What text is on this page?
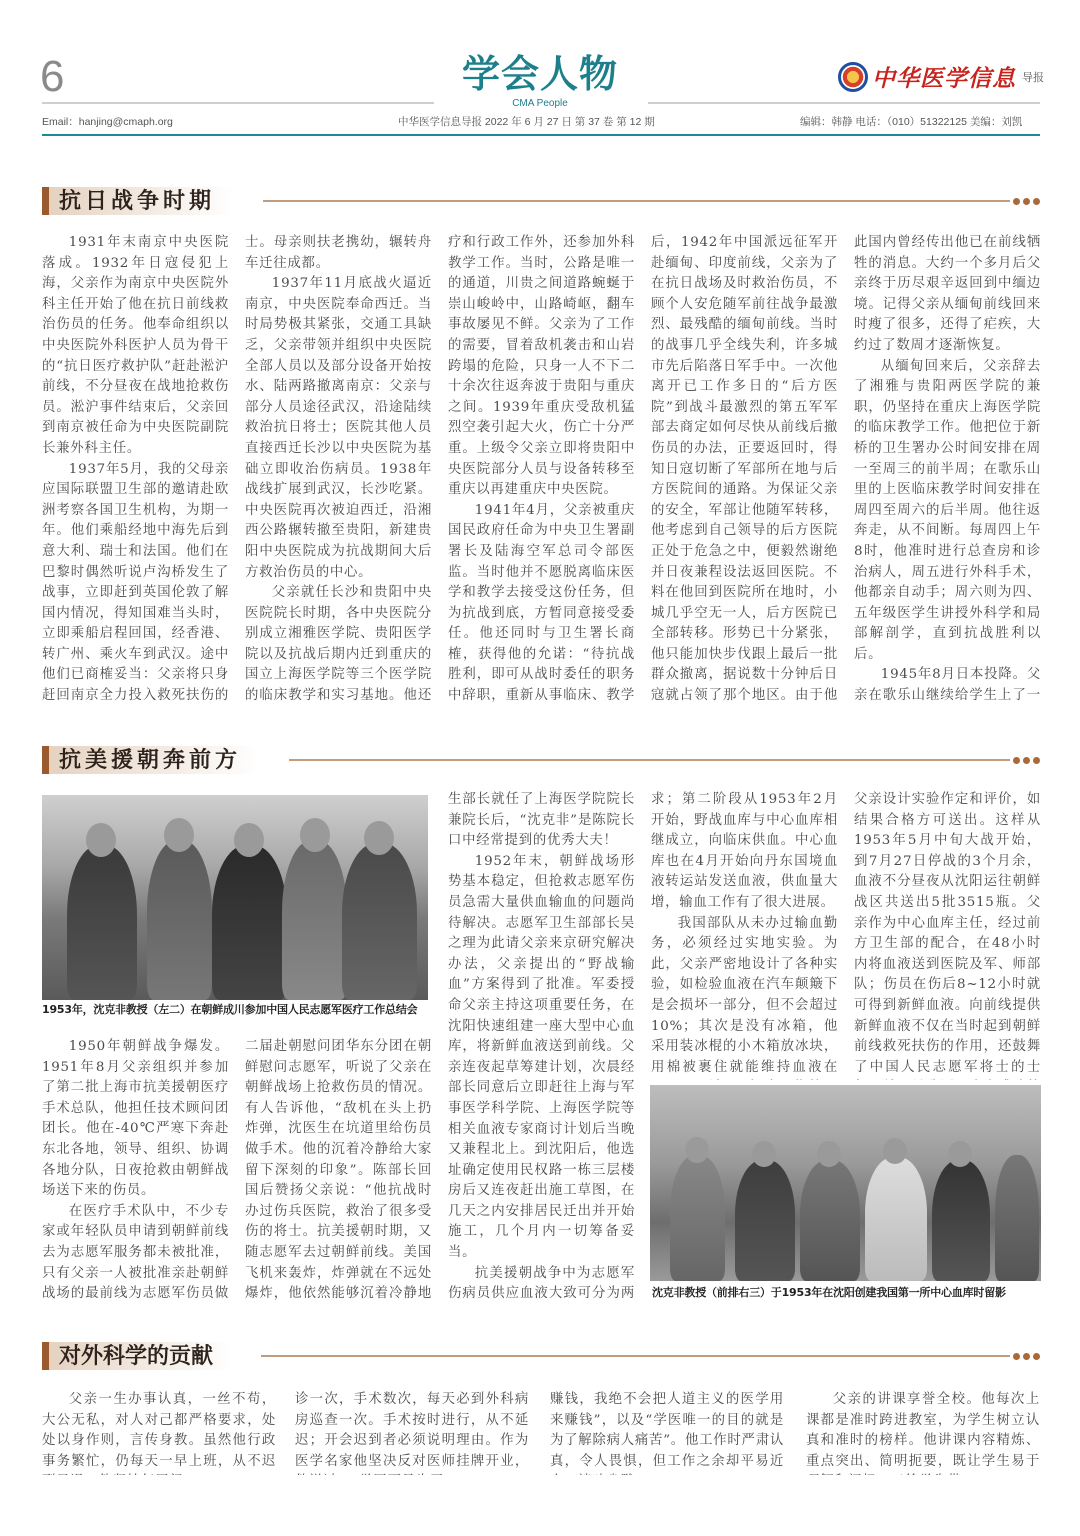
6	学会人物
CMA People
中华医学信息 导报
Email：hanjing@cmaph.org	中华医学信息导报 2022 年 6 月 27 日 第 37 卷 第 12 期	编辑：韩静 电话：（010）51322125 美编：刘凯
抗日战争时期
抗美援朝奔前方
对外科学的贡献

1931年末南京中央医院落成。1932年日寇侵犯上海，父亲作为南京中央医院外科主任开始了他在抗日前线救治伤员的任务。他奉命组织以中央医院外科医护人员为骨干的“抗日医疗救护队”赶赴淞沪前线，不分昼夜在战地抢救伤员。淞沪事件结束后，父亲回到南京被任命为中央医院副院长兼外科主任。

1937年5月，我的父母亲应国际联盟卫生部的邀请赴欧洲考察各国卫生机构，为期一年。他们乘船经地中海先后到意大利、瑞士和法国。他们在巴黎时偶然听说卢沟桥发生了战事，立即赶到英国伦敦了解国内情况，得知国难当头时，立即乘船启程回国，经香港、转广州、乘火车到武汉。途中他们已商榷妥当：父亲将只身赶回南京全力投入救死扶伤的

士。母亲则扶老携幼，辗转舟车迁往成都。

1937年11月底战火逼近南京，中央医院奉命西迁。当时局势极其紧张，交通工具缺乏，父亲带领并组织中央医院全部人员以及部分设备开始按水、陆两路撤离南京：父亲与部分人员途径武汉，沿途陆续救治抗日将士；医院其他人员直接西迁长沙以中央医院为基础立即收治伤病员。1938年战线扩展到武汉，长沙吃紧。中央医院再次被迫西迁，沿湘西公路辗转撤至贵阳，新建贵阳中央医院成为抗战期间大后方救治伤员的中心。

父亲就任长沙和贵阳中央医院院长时期，各中央医院分别成立湘雅医学院、贵阳医学院以及抗战后期内迁到重庆的国立上海医学院等三个医学院的临床教学和实习基地。他还

疗和行政工作外，还参加外科教学工作。当时，公路是唯一的通道，川贵之间道路蜿蜒于崇山峻岭中，山路崎岖，翻车事故屡见不鲜。父亲为了工作的需要，冒着敌机袭击和山岩跨塌的危险，只身一人不下二十余次往返奔波于贵阳与重庆之间。1939年重庆受敌机猛烈空袭引起大火，伤亡十分严重。上级令父亲立即将贵阳中央医院部分人员与设备转移至重庆以再建重庆中央医院。

1941年4月，父亲被重庆国民政府任命为中央卫生署副署长及陆海空军总司令部医监。当时他并不愿脱离临床医学和教学去接受这份任务，但为抗战到底，方暂同意接受委任。他还同时与卫生署长商榷，获得他的允诺：“待抗战胜利，即可从战时委任的职务中辞职，重新从事临床、教学

后，1942年中国派远征军开赴缅甸、印度前线，父亲为了在抗日战场及时救治伤员，不顾个人安危随军前往战争最激烈、最残酷的缅甸前线。当时的战事几乎全线失利，许多城市先后陷落日军手中。一次他离开已工作多日的“后方医院”到战斗最激烈的第五军军部去商定如何尽快从前线后撤伤员的办法，正要返回时，得知日寇切断了军部所在地与后方医院间的通路。为保证父亲的安全，军部让他随军转移，他考虑到自己领导的后方医院正处于危急之中，便毅然谢绝并日夜兼程设法返回医院。不料在他回到医院所在地时，小城几乎空无一人，后方医院已全部转移。形势已十分紧张，他只能加快步伐跟上最后一批群众撤离，据说数十分钟后日寇就占领了那个地区。由于他

此国内曾经传出他已在前线牺牲的消息。大约一个多月后父亲终于历尽艰辛返回到中缅边境。记得父亲从缅甸前线回来时瘦了很多，还得了疟疾，大约过了数周才逐渐恢复。

从缅甸回来后，父亲辞去了湘雅与贵阳两医学院的兼职，仍坚持在重庆上海医学院的临床教学工作。他把位于新桥的卫生署办公时间安排在周一至周三的前半周；在歌乐山里的上医临床教学时间安排在周四至周六的后半周。他往返奔走，从不间断。每周四上午8时，他准时进行总查房和诊治病人，周五进行外科手术，他都亲自动手；周六则为四、五年级医学生讲授外科学和局部解剖学，直到抗战胜利以后。

1945年8月日本投降。父亲在歌乐山继续给学生上了一

1953年，沈克非教授（左二）在朝鲜成川参加中国人民志愿军医疗工作总结会

1950年朝鲜战争爆发。1951年8月父亲组织并参加了第二批上海市抗美援朝医疗手术总队，他担任技术顾问团团长。他在-40℃严寒下奔赴东北各地，领导、组织、协调各地分队，日夜抢救由朝鲜战场送下来的伤员。

在医疗手术队中，不少专家或年轻队员申请到朝鲜前线去为志愿军服务都未被批准，只有父亲一人被批准亲赴朝鲜战场的最前线为志愿军伤员做

二届赴朝慰问团华东分团在朝鲜慰问志愿军，听说了父亲在朝鲜战场上抢救伤员的情况。有人告诉他，“敌机在头上扔炸弹，沈医生在坑道里给伤员做手术。他的沉着冷静给大家留下深刻的印象”。陈部长回国后赞扬父亲说：“他抗战时办过伤兵医院，救治了很多受伤的将士。抗美援朝时期，又随志愿军去过朝鲜前线。美国飞机来轰炸，炸弹就在不远处爆炸，他依然能够沉着冷静地

生部长就任了上海医学院院长兼院长后，“沈克非”是陈院长口中经常提到的优秀大夫！

1952年末，朝鲜战场形势基本稳定，但抢救志愿军伤员急需大量供血输血的问题尚待解决。志愿军卫生部部长吴之理为此请父亲来京研究解决办法，父亲提出的“野战输血”方案得到了批准。军委授命父亲主持这项重要任务，在沈阳快速组建一座大型中心血库，将新鲜血液送到前线。父亲连夜起草筹建计划，次晨经部长同意后立即赶往上海与军事医学科学院、上海医学院等相关血液专家商讨计划后当晚又兼程北上。到沈阳后，他选址确定使用民权路一栋三层楼房后又连夜赶出施工草图，在几天之内安排居民迁出并开始施工，几个月内一切筹备妥当。

抗美援朝战争中为志愿军伤病员供应血液大致可分为两

求；第二阶段从1953年2月开始，野战血库与中心血库相继成立，向临床供血。中心血库也在4月开始向丹东国境血液转运站发送血液，供血量大增，输血工作有了很大进展。

我国部队从未办过输血勤务，必须经过实地实验。为此，父亲严密地设计了各种实验，如检验血液在汽车颠簸下是会损坏一部分，但不会超过10%；其次是没有冰箱，他采用装冰棍的小木箱放冰块，用棉被裹住就能维持血液在

父亲设计实验作定和评价，如结果合格方可送出。这样从1953年5月中旬大战开始，到7月27日停战的3个月余，血液不分昼夜从沈阳运往朝鲜战区共送出5批3515瓶。父亲作为中心血库主任，经过前方卫生部的配合，在48小时内将血液送到医院及军、师部队；伤员在伤后8~12小时就可得到新鲜血液。向前线提供新鲜血液不仅在当时起到朝鲜前线救死扶伤的作用，还鼓舞了中国人民志愿军将士的士

沈克非教授（前排右三）于1953年在沈阳创建我国第一所中心血库时留影

父亲一生办事认真，一丝不苟，大公无私，对人对己都严格要求，处处以身作则，言传身教。虽然他行政事务繁忙，仍每天一早上班，从不迟

诊一次，手术数次，每天必到外科病房巡查一次。手术按时进行，从不延迟；开会迟到者必须说明理由。作为医学名家他坚决反对医师挂牌开业，

赚钱，我绝不会把人道主义的医学用来赚钱”，以及“学医唯一的目的就是为了解除病人痛苦”。他工作时严肃认真，令人畏惧，但工作之余却平易近

父亲的讲课享誉全校。他每次上课都是准时跨进教室，为学生树立认真和准时的榜样。他讲课内容精炼、重点突出、简明扼要，既让学生易于
